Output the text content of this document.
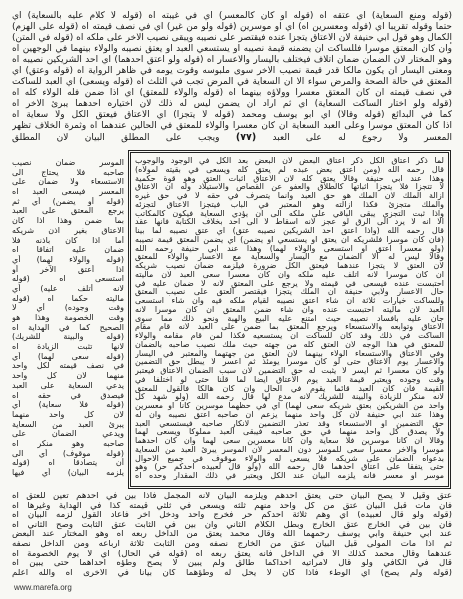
(قوله ومنع السعاية) أي عتقه اه (قوله أو كان كالمعسر) أي في غيبته اه (قوله لا كلام عليه بالسعاية) أي
حتما وقوله تقريبا أي (قوله ومعسرين اه) أي أو موسرين (قوله ولو من غير) أي في نصف قيمته اه (قوله على الهزم)
الكمال وهو قول أبي حنيفة لان الاعتاق يتجزأ عنده فيقتصر على نصيبه ويبقى نصيب الآخر على ملكه اه (قوله في المتن)
وان كان المعتق موسرا فللساكت أن يضمنه قيمة نصيبه أو يستسعي العبد أو يعتق نصيبه والولاء بينهما في الوجهين اه
وهو المختار لان الضمان ضمان اتلاف فيختلف باليسار والاعسار اه (قوله ولو أعتق أحدهما) أي أحد الشريكين نصيبه اه
ومعنى اليسار أن يكون مالكا قدر قيمة نصيب الآخر سوى ملبوسه وقوت يومه في ظاهر الرواية اه (قوله وعتق) أي
المعتق في حالة الصحة والمرض سواء الا أن السعاية في المرض تجب في الثلث اه (قوله ويسعى) أي العبد للساكت
في نصف قيمته ان كان المعتق معسرا وولاؤه بينهما اه (قوله والولاء للمعتق) أي اذا ضمن فله الولاء كله اه
(قوله ولو اختار الساكت السعاية) أي ثم أراد أن يضمن ليس له ذلك لان اختياره أحدهما يبرئ الآخر اه
كما في البدائع (قوله وقالا) أي أبو يوسف ومحمد (قوله لا يتجزأ) أي الاعتاق فيعتق الكل ولا سعاية اه
اذا كان المعتق موسرا وعلى العبد السعاية ان كان معسرا والولاء للمعتق في الحالين عندهما اه وثمرة الخلاف تظهر
المعسر ولا رجوع له على العبد (٧٧) ويجب على المطلق البيان لان المطلق
لما ذكر اعتاق الكل ذكر اعتاق البعض لان البعض بعد الكل في الوجود والوجوب
قال رحمه الله (ومن أعتق بعض عبده لم يعتق كله ويسعى في بقيته لمولاه)
وهذا عند أبي حنيفة وقالا يعتق كله لان الاعتاق اثبات العتق وهو قوة حكمية
لا تتجزأ فلا يتجزأ اثباتها كالطلاق والعفو عن القصاص والاستيلاد وله أن الاعتاق
ازالة الملك لان الملك هو حق العبد وانما يتصرف في حقه لا في حق غيره
والملك متجزئ فكذا ازالته وهو المعتبر في الباب فيتجزأ الاعتاق لتجزئه
واذا ثبت التجزي يبقى الباقي على ملكه الى أن يؤدي السعاية فيكون كالمكاتب
الا أنه لا يرد الى الرق لو عجز لانه اسقاط لا الى أحد بخلاف الكتابة فانها عقد
قال رحمه الله (واذا أعتق أحد الشريكين نصيبه عتق) أي عتق نصيبه لما بينا
(فان كان موسرا فلشريكه أن يعتق أو يستسعي أو يضمن) أي يضمن المعتق قيمة نصيبه
(ولو معسرا أعتق أو استسعى والولاء لهما) وهذا عند أبي حنيفة رحمه الله
وقالا ليس له الا الضمان مع اليسار والسعاية مع الاعسار والولاء للمعتق
لان العتق لا يتجزأ عندهما فيعتق الكل ضرورة فيلزمه ضمان نصيب شريكه
ان كان موسرا لانه أتلف عليه ملكه وان كان معسرا سعى العبد لان ماليته
احتبست عنده فيسعى في قيمته ولا يرجع على المعتق لانه لا ضمان عليه في
حال الاعسار ولابي حنيفة أن الملك يتجزأ فيقتصر العتق على نصيب المعتق
وللساكت خيارات ثلاثة ان شاء أعتق نصيبه لقيام ملكه فيه وان شاء استسعى
العبد لان ماليته احتبست عنده وان شاء ضمن المعتق ان كان موسرا لانه
جان عليه بافساد نصيبه حيث امتنع عليه البيع والهبة ونحو ذلك مما سوى
الاعتاق وتوابعه والاستسعاء ويرجع المعتق بما ضمن على العبد لانه قام مقام
الساكت في ذلك وقد كان للساكت أن يستسعيه فكذا لمن قام مقامه والولاء
للمعتق في هذا الوجه لان العتق كله من جهته حيث ملك نصيب صاحبه بالضمان
وفي الاعتاق والاستسعاء الولاء بينهما لان العتق من جهتهما والمعتبر في اليسار
والاعسار يوم الاعتاق حتى لو كان موسرا يومئذ ثم أعسر لا يبطل حق التضمين
ولو كان معسرا ثم أيسر لا يثبت له حق التضمين لان سبب الضمان الاعتاق فيعتبر
وقت وجوده ويعتبر قيمة العبد يوم الاعتاق أيضا لما قلنا حتى لو اختلفا في
القيمة فان كان العبد قائما يقوم في الحال وان كان هالكا فالقول للمعتق
لانه منكر للزيادة والبينة للشريك لانه مدع لها قال رحمه الله (ولو شهد كل
واحد من الشريكين بعتق شريكه سعى لهما) أي في حظهما موسرين كانا أو معسرين
وهذا عند أبي حنيفة لان كل واحد منهما يزعم أن صاحبه أعتق نصيبه وأن له
حق التضمين أو الاستسعاء وقد تعذر التضمين لانكار صاحبه فيستسعي العبد
ولا يصدق كل واحد منهما في حق صاحبه فيبقى العبد مملوكا ويسعى لهما
وقالا ان كانا موسرين فلا سعاية وان كانا معسرين سعى لهما وان كان أحدهما
موسرا والآخر معسرا سعى للموسر دون المعسر لان الموسر يبرئ العبد من السعاية
بدعواه الضمان على شريكه فلا يسعى له والولاء موقوف في جميع الاحوال
حتى يتفقا على اعتاق أحدهما قال رحمه الله (ولو قال لعبيده أحدكم حر) وهو
موسر أو معسر فانه يلزمه البيان عند الكل ويعتبر في ذلك المقدار وحده اه
الموسر ضمان نصيب
صاحبه فلا يحتاج الى
الاستسعاء ولا ضمان على
المعسر فيسعى العبد اه
(قوله أو يضمن) أي ثم
يرجع المعتق على العبد
بما ضمن وهذا اذا كان
الاعتاق بغير اذن شريكه
أما اذا كان باذنه فلا
ضمان عليه اتفاقا اه
(قوله والولاء لهما) أي
اذا أعتق الآخر أو
استسعى اه (قوله
لانه أتلف عليه) أي
ماليته حكما اه (قوله
وقت وجوده) أي لا
وقت الخصومة وهذا هو
الصحيح كما في الهداية اه
(قوله والبينة للشريك)
لانها تثبت الزيادة اه
(قوله سعى لهما) أي
في نصف قيمته لكل واحد
منهما لان كل واحد
يدعي السعاية على العبد
فيصدق في حقه اه
(قوله فلا سعاية) أي
لان كل واحد منهما
يبرئ العبد من السعاية
ويدعي الضمان على
صاحبه وهو منكر اه
(قوله موقوف) أي الى
أن يتصادقا اه (قوله
يلزمه البيان) أي فيها
عتق وقيل لا يصح البيان حتى يعتق أحدهم ويلزمه البيان لانه المجمل فاذا بين في أحدهم تعين للعتق اه
فان مات قبل البيان عتق من كل واحد منهم ثلثه ويسعى في ثلثي قيمته كذا في الهداية وغيرها اه
(قوله ولو قال لعبيده) أي وهم ثلاثة أحدكم حر فخرج واحد ودخل آخر فأعاد القول لزمه البيان اه
فان بين في الخارج عتق الخارج وبطل الكلام الثاني وان بين في الثابت عتق الثابت وصح الثاني اه
عند أبي حنيفة وأبي يوسف رحمهما الله وقال محمد يعتق من الداخل ربعه اه وهو المختار عند البعض
ثم اذا مات المولى قبل البيان عتق من الخارج نصفه ومن الثابت ثلاثة أرباعه ومن الداخل نصفه
عندهما وقال محمد كذلك الا في الداخل فانه يعتق ربعه اه (قوله في الحال) أي لا يوم الخصومة اه
قال في الكافي ولو قال لامرأتيه احداكما طالق ولم يبين لا يصح وطؤه احداهما حتى يبين اه
(قوله ولم يصح) أي الوطء فاذا كان لا يحل له وطؤهما كان بيانا في الاخرى اه والله أعلم
www.marefa.org
